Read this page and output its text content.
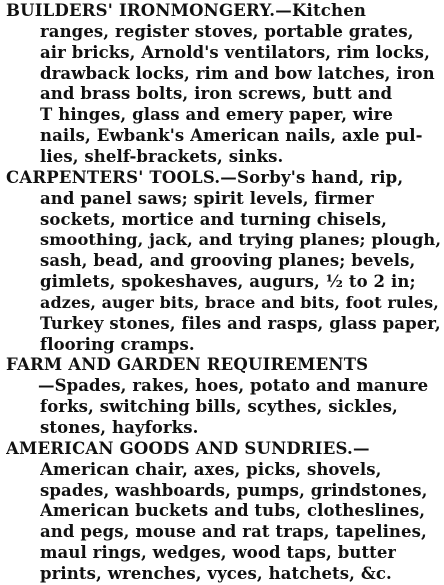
BUILDERS' IRONMONGERY.—Kitchen
ranges, register stoves, portable grates,
air bricks, Arnold's ventilators, rim locks,
drawback locks, rim and bow latches, iron
and brass bolts, iron screws, butt and
T hinges, glass and emery paper, wire
nails, Ewbank's American nails, axle pul-
lies, shelf-brackets, sinks.
CARPENTERS' TOOLS.—Sorby's hand, rip,
and panel saws; spirit levels, firmer
sockets, mortice and turning chisels,
smoothing, jack, and trying planes; plough,
sash, bead, and grooving planes; bevels,
gimlets, spokeshaves, augurs, ½ to 2 in;
adzes, auger bits, brace and bits, foot rules,
Turkey stones, files and rasps, glass paper,
flooring cramps.
FARM AND GARDEN REQUIREMENTS
—Spades, rakes, hoes, potato and manure
forks, switching bills, scythes, sickles,
stones, hayforks.
AMERICAN GOODS AND SUNDRIES.—
American chair, axes, picks, shovels,
spades, washboards, pumps, grindstones,
American buckets and tubs, clotheslines,
and pegs, mouse and rat traps, tapelines,
maul rings, wedges, wood taps, butter
prints, wrenches, vyces, hatchets, &c.
